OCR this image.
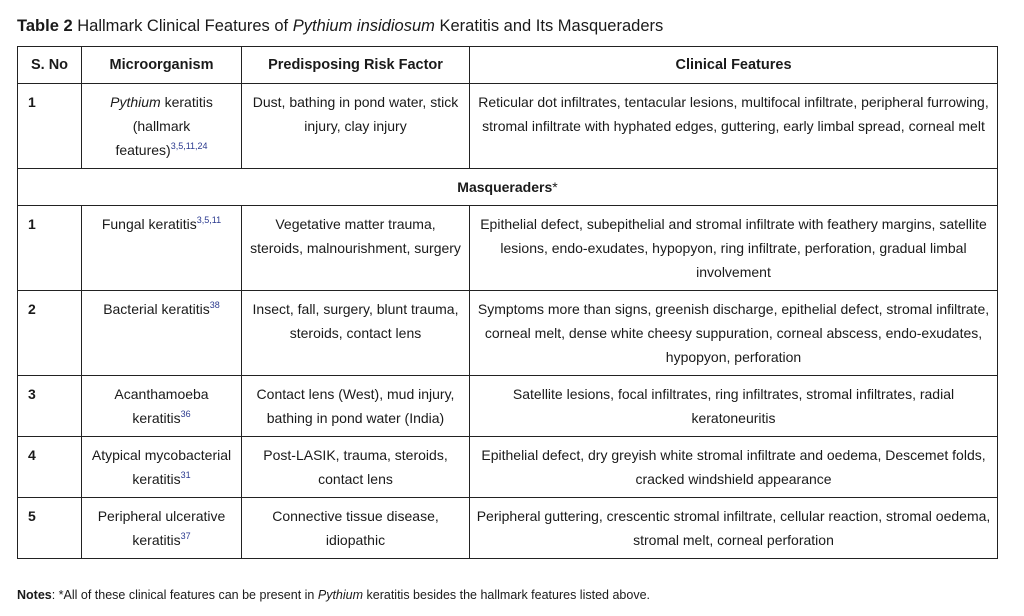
Table 2 Hallmark Clinical Features of Pythium insidiosum Keratitis and Its Masqueraders
S. No	Microorganism	Predisposing Risk Factor	Clinical Features
1	Pythium keratitis (hallmark features)$^{3,5,11,24}$	Dust, bathing in pond water, stick injury, clay injury	Reticular dot infiltrates, tentacular lesions, multifocal infiltrate, peripheral furrowing, stromal infiltrate with hyphated edges, guttering, early limbal spread, corneal melt
Masqueraders*			
1	Fungal keratitis$^{3,5,11}$	Vegetative matter trauma, steroids, malnourishment, surgery	Epithelial defect, subepithelial and stromal infiltrate with feathery margins, satellite lesions, endo-exudates, hypopyon, ring infiltrate, perforation, gradual limbal involvement
2	Bacterial keratitis$^{38}$	Insect, fall, surgery, blunt trauma, steroids, contact lens	Symptoms more than signs, greenish discharge, epithelial defect, stromal infiltrate, corneal melt, dense white cheesy suppuration, corneal abscess, endo-exudates, hypopyon, perforation
3	Acanthamoeba keratitis$^{36}$	Contact lens (West), mud injury, bathing in pond water (India)	Satellite lesions, focal infiltrates, ring infiltrates, stromal infiltrates, radial keratoneuritis
4	Atypical mycobacterial keratitis$^{31}$	Post-LASIK, trauma, steroids, contact lens	Epithelial defect, dry greyish white stromal infiltrate and oedema, Descemet folds, cracked windshield appearance
5	Peripheral ulcerative keratitis$^{37}$	Connective tissue disease, idiopathic	Peripheral guttering, crescentic stromal infiltrate, cellular reaction, stromal oedema, stromal melt, corneal perforation
Notes: *All of these clinical features can be present in Pythium keratitis besides the hallmark features listed above.
